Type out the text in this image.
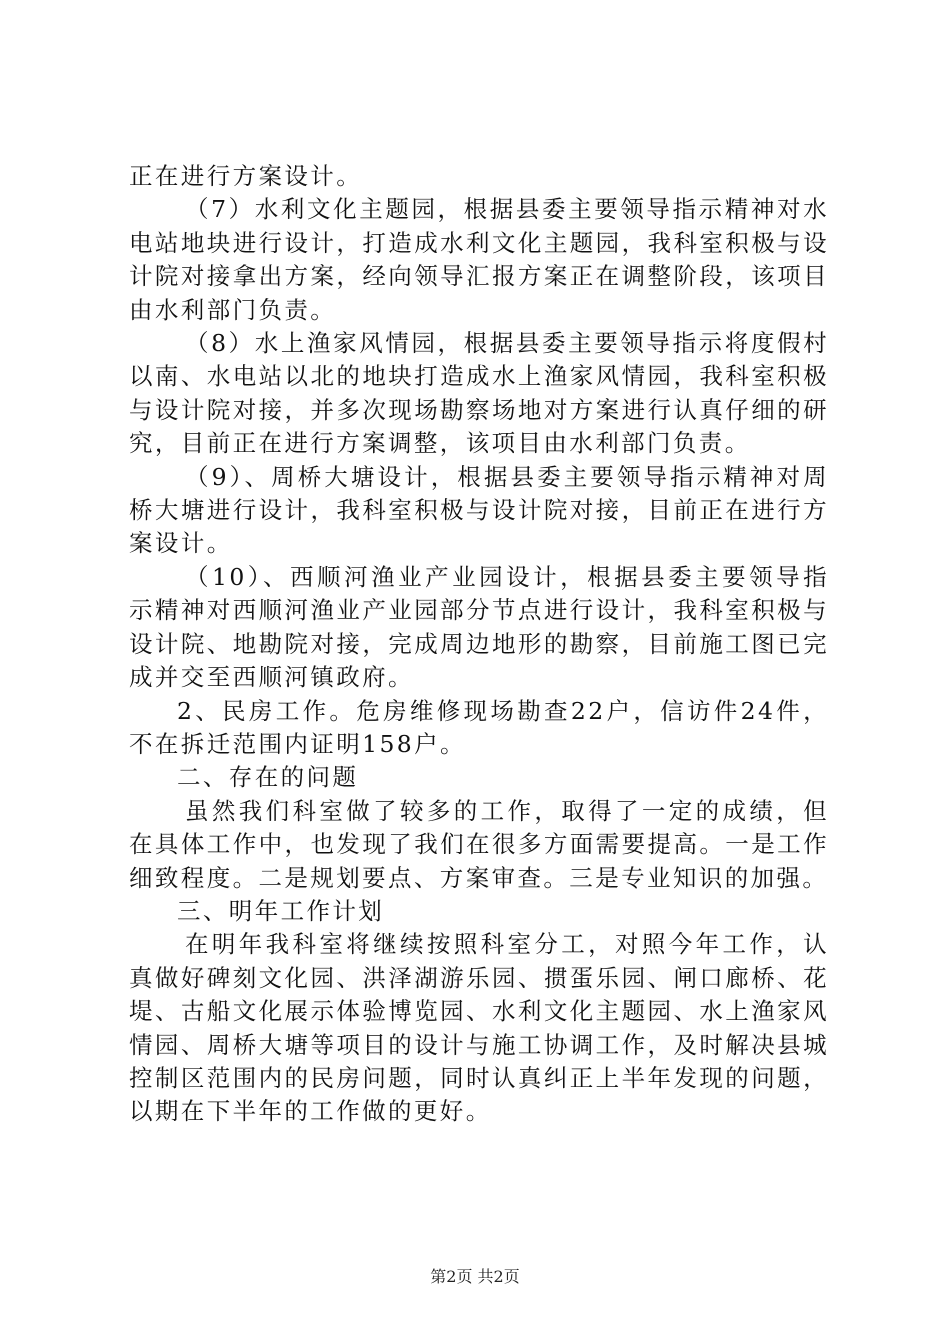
正在进行方案设计。

（7）水利文化主题园，根据县委主要领导指示精神对水电站地块进行设计，打造成水利文化主题园，我科室积极与设计院对接拿出方案，经向领导汇报方案正在调整阶段，该项目由水利部门负责。

（8）水上渔家风情园，根据县委主要领导指示将度假村以南、水电站以北的地块打造成水上渔家风情园，我科室积极与设计院对接，并多次现场勘察场地对方案进行认真仔细的研究，目前正在进行方案调整，该项目由水利部门负责。

（9）、周桥大塘设计，根据县委主要领导指示精神对周桥大塘进行设计，我科室积极与设计院对接，目前正在进行方案设计。

（10）、西顺河渔业产业园设计，根据县委主要领导指示精神对西顺河渔业产业园部分节点进行设计，我科室积极与设计院、地勘院对接，完成周边地形的勘察，目前施工图已完成并交至西顺河镇政府。

2、民房工作。危房维修现场勘查22户，信访件24件，不在拆迁范围内证明158户。

二、存在的问题

虽然我们科室做了较多的工作，取得了一定的成绩，但在具体工作中，也发现了我们在很多方面需要提高。一是工作细致程度。二是规划要点、方案审查。三是专业知识的加强。

三、明年工作计划

在明年我科室将继续按照科室分工，对照今年工作，认真做好碑刻文化园、洪泽湖游乐园、掼蛋乐园、闸口廊桥、花堤、古船文化展示体验博览园、水利文化主题园、水上渔家风情园、周桥大塘等项目的设计与施工协调工作，及时解决县城控制区范围内的民房问题，同时认真纠正上半年发现的问题，以期在下半年的工作做的更好。

第2页 共2页
